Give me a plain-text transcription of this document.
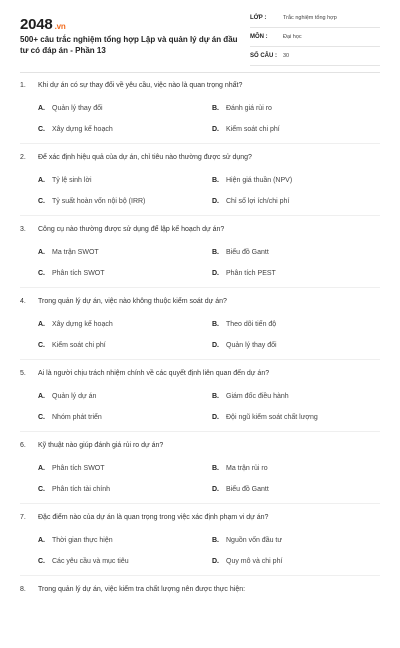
2048 .vn
500+ câu trắc nghiệm tổng hợp Lập và quản lý dự án đầu tư có đáp án - Phần 13
LỚP :	Trắc nghiệm tổng hợp
MÔN :	Đại học
SỐ CÂU : 30
1. Khi dự án có sự thay đổi về yêu cầu, việc nào là quan trọng nhất?
A. Quản lý thay đổi	B. Đánh giá rủi ro
C. Xây dựng kế hoạch	D. Kiểm soát chi phí
2. Để xác định hiệu quả của dự án, chỉ tiêu nào thường được sử dụng?
A. Tỷ lệ sinh lời	B. Hiện giá thuần (NPV)
C. Tỷ suất hoàn vốn nội bộ (IRR)	D. Chỉ số lợi ích/chi phí
3. Công cụ nào thường được sử dụng để lập kế hoạch dự án?
A. Ma trận SWOT	B. Biểu đồ Gantt
C. Phân tích SWOT	D. Phân tích PEST
4. Trong quản lý dự án, việc nào không thuộc kiểm soát dự án?
A. Xây dựng kế hoạch	B. Theo dõi tiến độ
C. Kiểm soát chi phí	D. Quản lý thay đổi
5. Ai là người chịu trách nhiệm chính về các quyết định liên quan đến dự án?
A. Quản lý dự án	B. Giám đốc điều hành
C. Nhóm phát triển	D. Đội ngũ kiểm soát chất lượng
6. Kỹ thuật nào giúp đánh giá rủi ro dự án?
A. Phân tích SWOT	B. Ma trận rủi ro
C. Phân tích tài chính	D. Biểu đồ Gantt
7. Đặc điểm nào của dự án là quan trọng trong việc xác định phạm vi dự án?
A. Thời gian thực hiện	B. Nguồn vốn đầu tư
C. Các yêu cầu và mục tiêu	D. Quy mô và chi phí
8. Trong quản lý dự án, việc kiểm tra chất lượng nên được thực hiện:
